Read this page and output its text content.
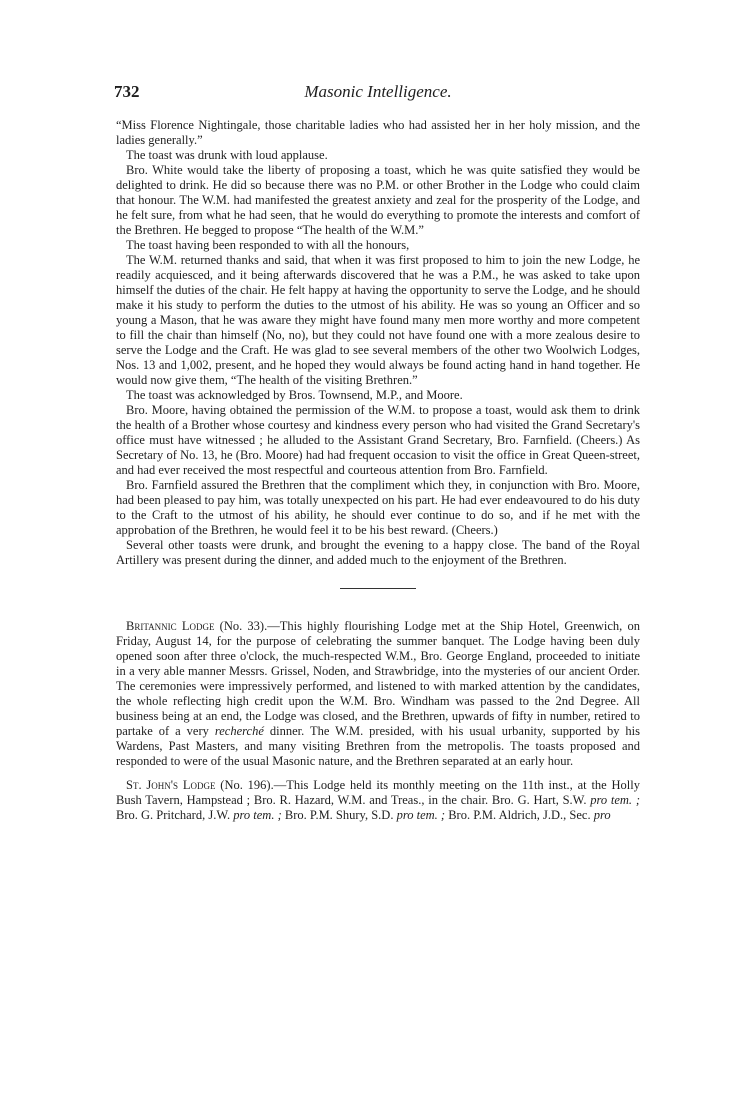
732	Masonic Intelligence.

“Miss Florence Nightingale, those charitable ladies who had assisted her in her holy mission, and the ladies generally.”

The toast was drunk with loud applause.

Bro. White would take the liberty of proposing a toast, which he was quite satisfied they would be delighted to drink. He did so because there was no P.M. or other Brother in the Lodge who could claim that honour. The W.M. had manifested the greatest anxiety and zeal for the prosperity of the Lodge, and he felt sure, from what he had seen, that he would do everything to promote the interests and comfort of the Brethren. He begged to propose “The health of the W.M.”

The toast having been responded to with all the honours,

The W.M. returned thanks and said, that when it was first proposed to him to join the new Lodge, he readily acquiesced, and it being afterwards discovered that he was a P.M., he was asked to take upon himself the duties of the chair. He felt happy at having the opportunity to serve the Lodge, and he should make it his study to perform the duties to the utmost of his ability. He was so young an Officer and so young a Mason, that he was aware they might have found many men more worthy and more competent to fill the chair than himself (No, no), but they could not have found one with a more zealous desire to serve the Lodge and the Craft. He was glad to see several members of the other two Woolwich Lodges, Nos. 13 and 1,002, present, and he hoped they would always be found acting hand in hand together. He would now give them, “The health of the visiting Brethren.”

The toast was acknowledged by Bros. Townsend, M.P., and Moore.

Bro. Moore, having obtained the permission of the W.M. to propose a toast, would ask them to drink the health of a Brother whose courtesy and kindness every person who had visited the Grand Secretary's office must have witnessed ; he alluded to the Assistant Grand Secretary, Bro. Farnfield. (Cheers.) As Secretary of No. 13, he (Bro. Moore) had had frequent occasion to visit the office in Great Queen-street, and had ever received the most respectful and courteous attention from Bro. Farnfield.

Bro. Farnfield assured the Brethren that the compliment which they, in conjunction with Bro. Moore, had been pleased to pay him, was totally unexpected on his part. He had ever endeavoured to do his duty to the Craft to the utmost of his ability, he should ever continue to do so, and if he met with the approbation of the Brethren, he would feel it to be his best reward. (Cheers.)

Several other toasts were drunk, and brought the evening to a happy close. The band of the Royal Artillery was present during the dinner, and added much to the enjoyment of the Brethren.

Britannic Lodge (No. 33).—This highly flourishing Lodge met at the Ship Hotel, Greenwich, on Friday, August 14, for the purpose of celebrating the summer banquet. The Lodge having been duly opened soon after three o'clock, the much-respected W.M., Bro. George England, proceeded to initiate in a very able manner Messrs. Grissel, Noden, and Strawbridge, into the mysteries of our ancient Order. The ceremonies were impressively performed, and listened to with marked attention by the candidates, the whole reflecting high credit upon the W.M. Bro. Windham was passed to the 2nd Degree. All business being at an end, the Lodge was closed, and the Brethren, upwards of fifty in number, retired to partake of a very recherché dinner. The W.M. presided, with his usual urbanity, supported by his Wardens, Past Masters, and many visiting Brethren from the metropolis. The toasts proposed and responded to were of the usual Masonic nature, and the Brethren separated at an early hour.

St. John's Lodge (No. 196).—This Lodge held its monthly meeting on the 11th inst., at the Holly Bush Tavern, Hampstead ; Bro. R. Hazard, W.M. and Treas., in the chair. Bro. G. Hart, S.W. pro tem. ; Bro. G. Pritchard, J.W. pro tem. ; Bro. P.M. Shury, S.D. pro tem. ; Bro. P.M. Aldrich, J.D., Sec. pro
